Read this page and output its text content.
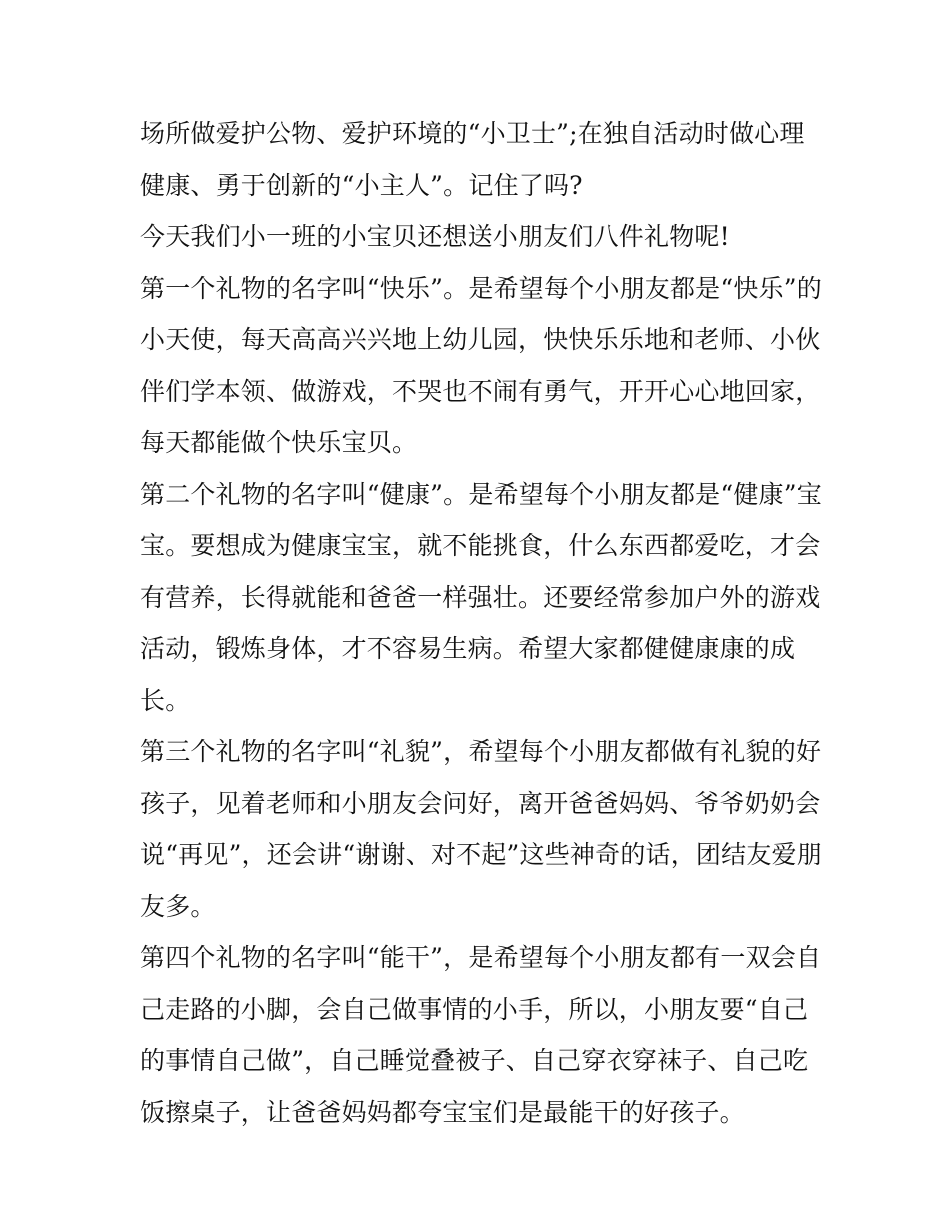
场所做爱护公物、爱护环境的“小卫士”;在独自活动时做心理
健康、勇于创新的“小主人”。记住了吗?
今天我们小一班的小宝贝还想送小朋友们八件礼物呢!
第一个礼物的名字叫“快乐”。是希望每个小朋友都是“快乐”的
小天使，每天高高兴兴地上幼儿园，快快乐乐地和老师、小伙
伴们学本领、做游戏，不哭也不闹有勇气，开开心心地回家，
每天都能做个快乐宝贝。
第二个礼物的名字叫“健康”。是希望每个小朋友都是“健康”宝
宝。要想成为健康宝宝，就不能挑食，什么东西都爱吃，才会
有营养，长得就能和爸爸一样强壮。还要经常参加户外的游戏
活动，锻炼身体，才不容易生病。希望大家都健健康康的成
长。
第三个礼物的名字叫“礼貌”，希望每个小朋友都做有礼貌的好
孩子，见着老师和小朋友会问好，离开爸爸妈妈、爷爷奶奶会
说“再见”，还会讲“谢谢、对不起”这些神奇的话，团结友爱朋
友多。
第四个礼物的名字叫“能干”，是希望每个小朋友都有一双会自
己走路的小脚，会自己做事情的小手，所以，小朋友要“自己
的事情自己做”，自己睡觉叠被子、自己穿衣穿袜子、自己吃
饭擦桌子，让爸爸妈妈都夸宝宝们是最能干的好孩子。
